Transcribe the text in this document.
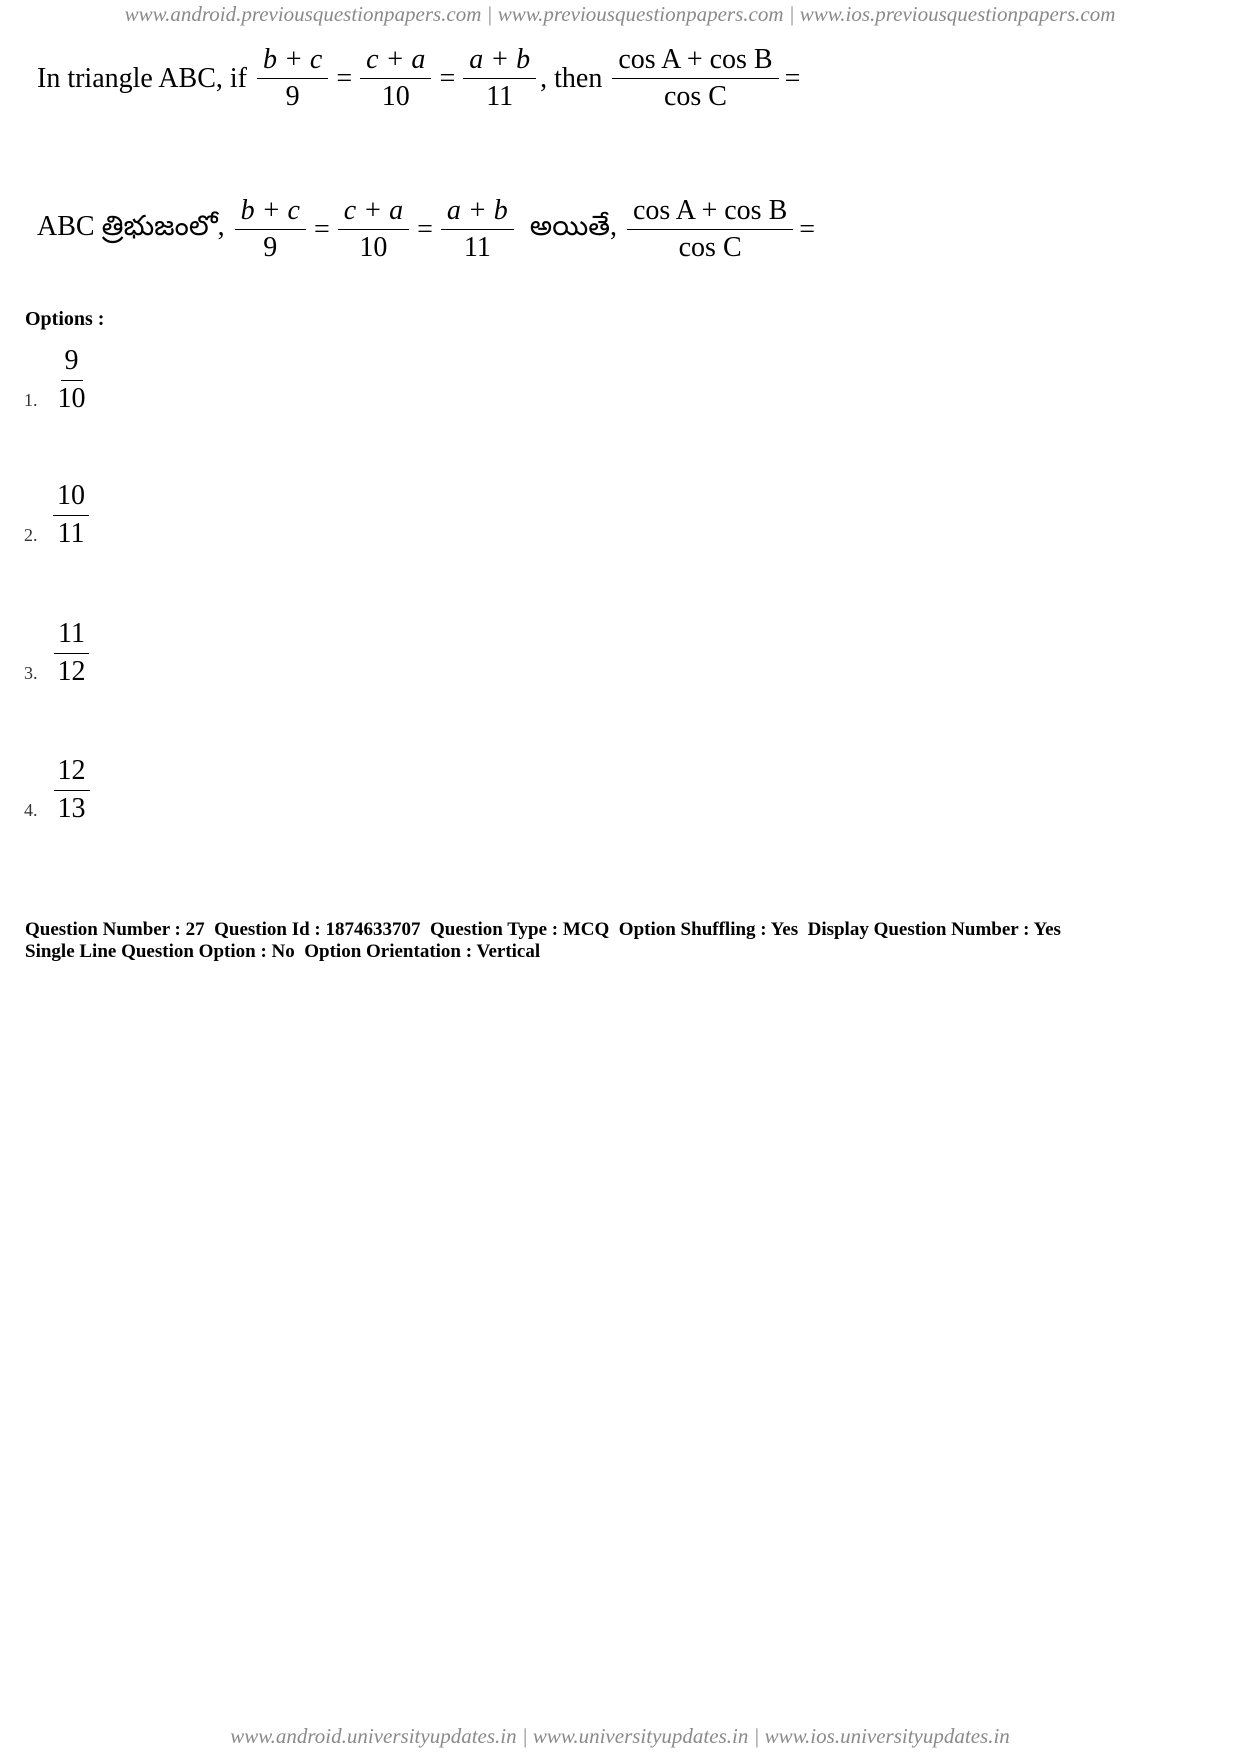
www.android.previousquestionpapers.com | www.previousquestionpapers.com | www.ios.previousquestionpapers.com
In triangle ABC, if $\frac{b + c}{9} = \frac{c + a}{10} = \frac{a + b}{11}$ , then $\frac{\text{cos A + cos B}}{\text{cos C}}$ =
ABC త్రిభుజంలో, $\frac{b + c}{9} = \frac{c + a}{10} = \frac{a + b}{11}$ అయితే, $\frac{\text{cos A + cos B}}{\text{cos C}}$ =
Options :
1. $\frac{9}{10}$
2. $\frac{10}{11}$
3. $\frac{11}{12}$
4. $\frac{12}{13}$
Question Number : 27  Question Id : 1874633707  Question Type : MCQ  Option Shuffling : Yes  Display Question Number : Yes
Single Line Question Option : No  Option Orientation : Vertical
www.android.universityupdates.in | www.universityupdates.in | www.ios.universityupdates.in
